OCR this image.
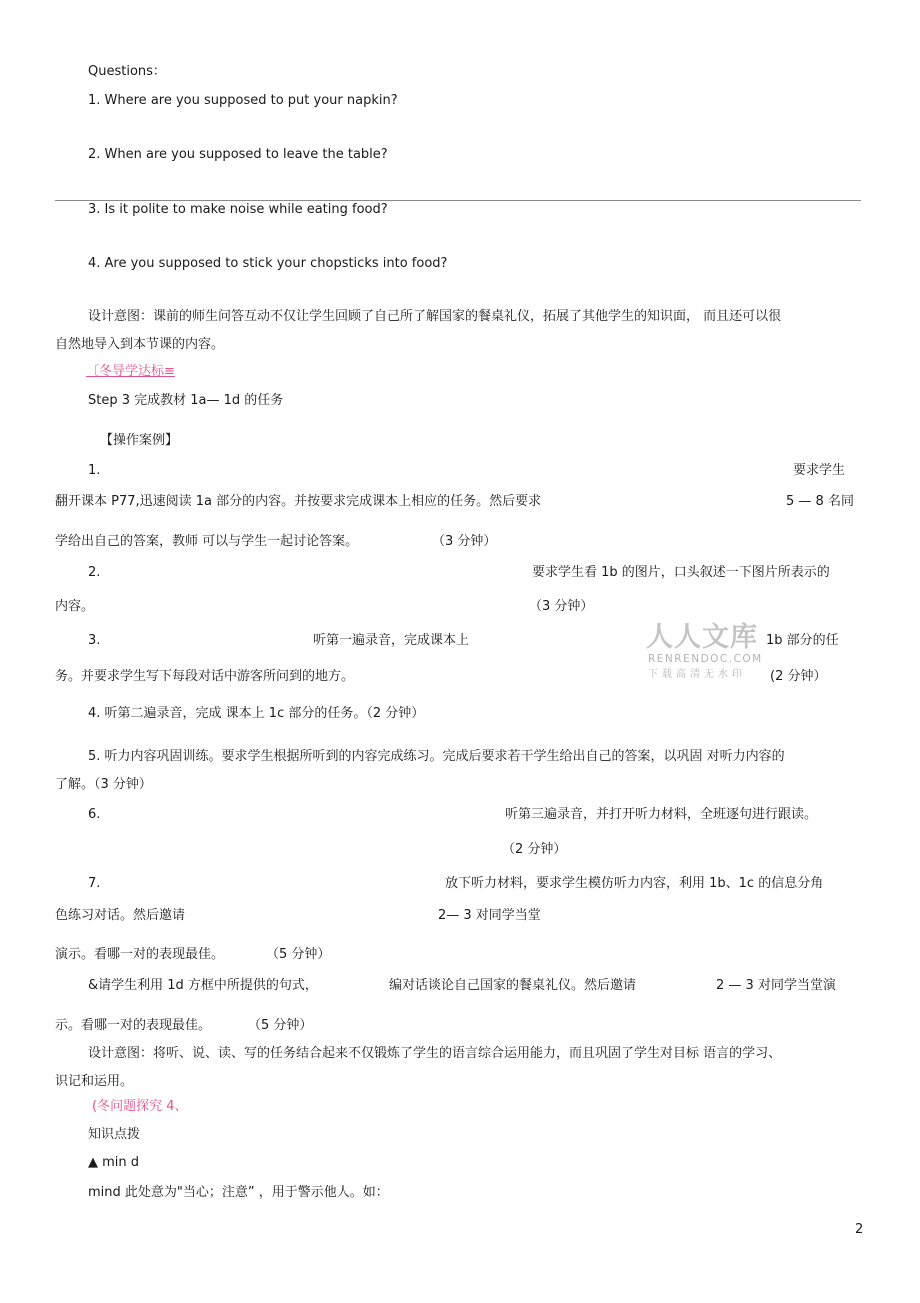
Questions：
1. Where are you supposed to put your napkin?
2. When are you supposed to leave the table?
3. Is it polite to make noise while eating food?
4. Are you supposed to stick your chopsticks into food?
设计意图：课前的师生问答互动不仅让学生回顾了自己所了解国家的餐桌礼仪，拓展了其他学生的知识面， 而且还可以很
自然地导入到本节课的内容。
〔冬导学达标≡
Step 3 完成教材 1a— 1d 的任务
【操作案例】
1.	要求学生
翻开课本 P77,迅速阅读 1a 部分的内容。并按要求完成课本上相应的任务。然后要求	5 — 8 名同
学给出自己的答案，教师 可以与学生一起讨论答案。	（3 分钟）
2.	要求学生看 1b 的图片，口头叙述一下图片所表示的
内容。	（3 分钟）
3.	听第一遍录音，完成课本上	1b 部分的任
务。并要求学生写下每段对话中游客所问到的地方。	(2 分钟）
人人文库
RENRENDOC.COM
下载高清无水印
4. 听第二遍录音，完成 课本上 1c 部分的任务。（2 分钟）
5. 听力内容巩固训练。要求学生根据所听到的内容完成练习。完成后要求若干学生给出自己的答案，以巩固 对听力内容的
了解。（3 分钟）
6.	听第三遍录音，并打开听力材料，全班逐句进行跟读。
（2 分钟）
7.	放下听力材料，要求学生模仿听力内容，利用 1b、1c 的信息分角
色练习对话。然后邀请	2— 3 对同学当堂
演示。看哪一对的表现最佳。	（5 分钟）
&请学生利用 1d 方框中所提供的句式，	编对话谈论自己国家的餐桌礼仪。然后邀请	2 — 3 对同学当堂演
示。看哪一对的表现最佳。	（5 分钟）
设计意图：将听、说、读、写的任务结合起来不仅锻炼了学生的语言综合运用能力，而且巩固了学生对目标 语言的学习、
识记和运用。
(冬问题探究 4、
知识点拨
▲ min d
mind 此处意为"当心；注意” ，用于警示他人。如：
2
